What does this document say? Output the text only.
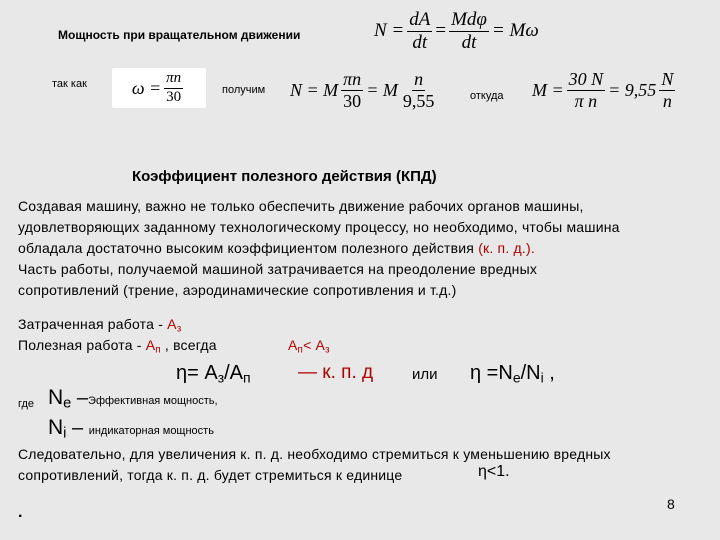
Мощность при вращательном движении	$N = \frac{dA}{dt} = \frac{\text{Mdφ}}{dt} = M\omega$
так как $\omega = \frac{\pi n}{30}$	получим N = M $\frac{\pi n}{30} = M \frac{n}{9,55}$	откуда $M = \frac{30 N}{\text{π n}} = 9,55 \frac{N}{n}$
Коэффициент полезного действия (КПД)
Создавая машину, важно не только обеспечить движение рабочих органов машины,
удовлетворяющих заданному технологическому процессу, но необходимо, чтобы машина
обладала достаточно высоким коэффициентом полезного действия (к. п. д.).
Часть работы, получаемой машиной затрачивается на преодоление вредных
сопротивлений (трение, аэродинамические сопротивления и т.д.)
Затраченная работа - $А_з$
Полезная работа - $А_п$ , всегда	$А_п< А_з$
$\eta= А_з/А_п$ — к. п. д	или $\eta =N_e/N_i$ ,
где $N_e$ –Эффективная мощность,
$N_i$ – индикаторная мощность
Следовательно, для увеличения к. п. д. необходимо стремиться к уменьшению вредных
сопротивлений, тогда к. п. д. будет стремиться к единице	η<1.
8
.
